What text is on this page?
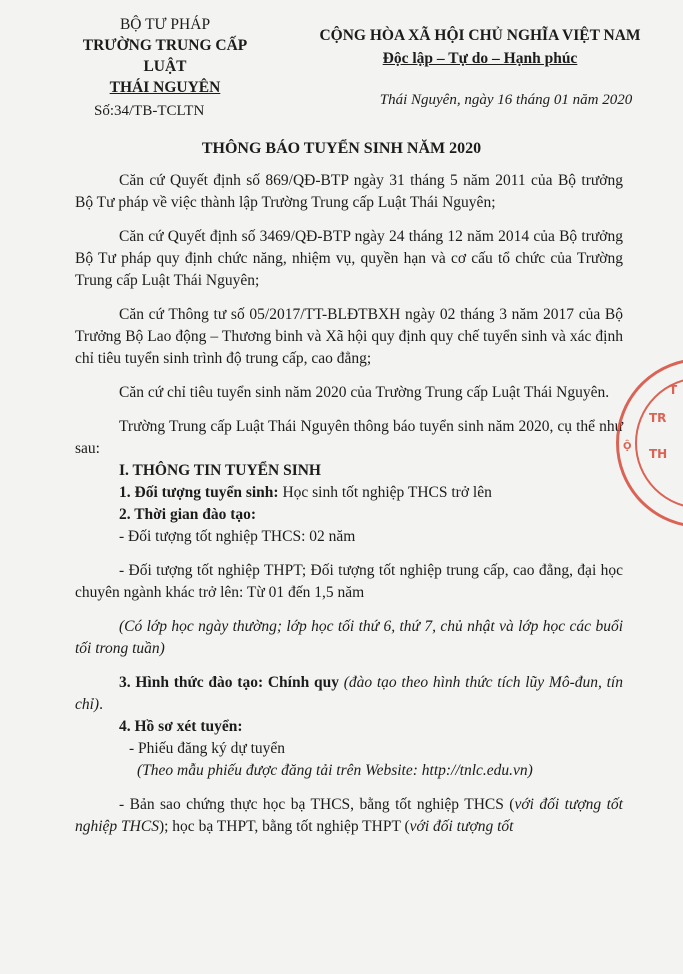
BỘ TƯ PHÁP
TRƯỜNG TRUNG CẤP LUẬT
THÁI NGUYÊN
Số:34/TB-TCLTN
CỘNG HÒA XÃ HỘI CHỦ NGHĨA VIỆT NAM
Độc lập – Tự do – Hạnh phúc
Thái Nguyên, ngày 16 tháng 01 năm 2020
THÔNG BÁO TUYỂN SINH NĂM 2020

Căn cứ Quyết định số 869/QĐ-BTP ngày 31 tháng 5 năm 2011 của Bộ trưởng Bộ Tư pháp về việc thành lập Trường Trung cấp Luật Thái Nguyên;

Căn cứ Quyết định số 3469/QĐ-BTP ngày 24 tháng 12 năm 2014 của Bộ trưởng Bộ Tư pháp quy định chức năng, nhiệm vụ, quyền hạn và cơ cấu tổ chức của Trường Trung cấp Luật Thái Nguyên;

Căn cứ Thông tư số 05/2017/TT-BLĐTBXH ngày 02 tháng 3 năm 2017 của Bộ Trưởng Bộ Lao động – Thương binh và Xã hội quy định quy chế tuyển sinh và xác định chỉ tiêu tuyển sinh trình độ trung cấp, cao đẳng;

Căn cứ chỉ tiêu tuyển sinh năm 2020 của Trường Trung cấp Luật Thái Nguyên.

Trường Trung cấp Luật Thái Nguyên thông báo tuyển sinh năm 2020, cụ thể như sau:

I. THÔNG TIN TUYỂN SINH

1. Đối tượng tuyển sinh: Học sinh tốt nghiệp THCS trở lên

2. Thời gian đào tạo:

- Đối tượng tốt nghiệp THCS: 02 năm

- Đối tượng tốt nghiệp THPT; Đối tượng tốt nghiệp trung cấp, cao đẳng, đại học chuyên ngành khác trở lên: Từ 01 đến 1,5 năm

(Có lớp học ngày thường; lớp học tối thứ 6, thứ 7, chủ nhật và lớp học các buổi tối trong tuần)

3. Hình thức đào tạo: Chính quy (đào tạo theo hình thức tích lũy Mô-đun, tín chỉ).

4. Hồ sơ xét tuyển:

- Phiếu đăng ký dự tuyển

(Theo mẫu phiếu được đăng tải trên Website: http://tnlc.edu.vn)

- Bản sao chứng thực học bạ THCS, bằng tốt nghiệp THCS (với đối tượng tốt nghiệp THCS); học bạ THPT, bằng tốt nghiệp THPT (với đối tượng tốt

T
TR
Ộ
TH
